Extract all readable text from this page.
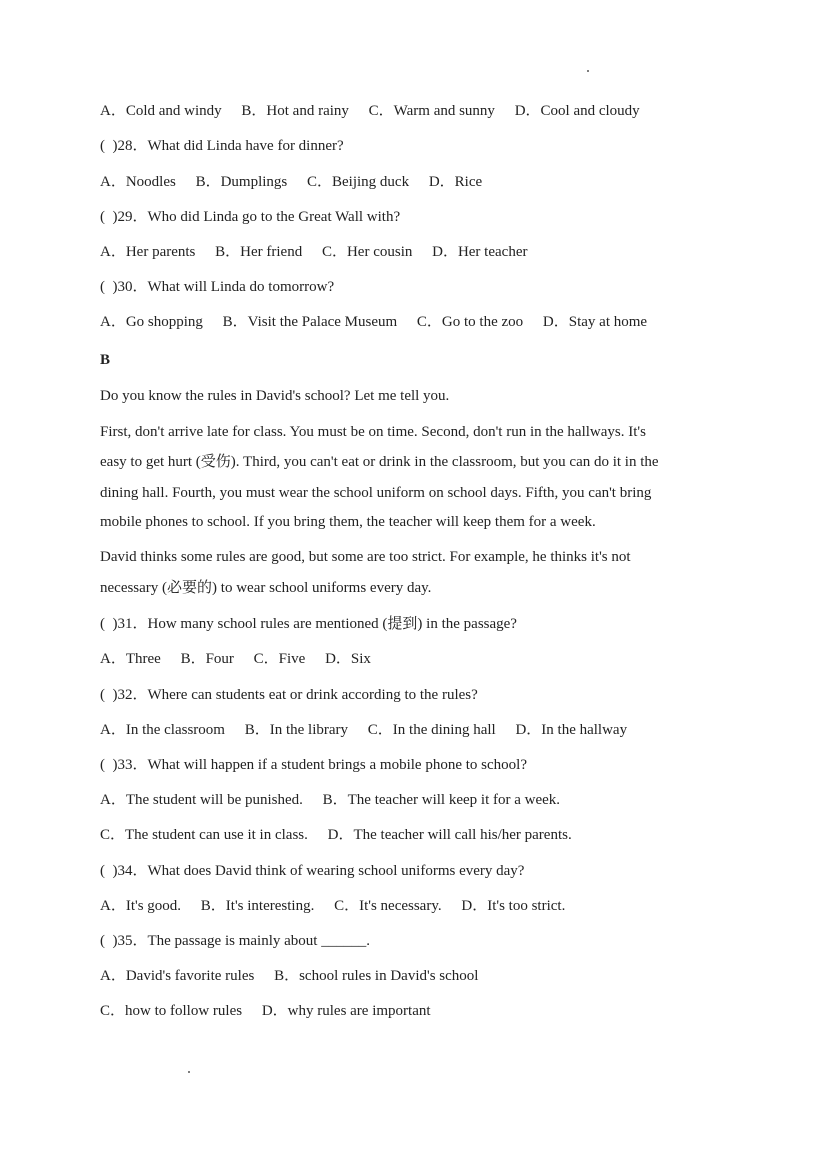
A．Cold and windy B．Hot and rainy C．Warm and sunny D．Cool and cloudy
(  )28．What did Linda have for dinner?
A．Noodles B．Dumplings C．Beijing duck D．Rice
(  )29．Who did Linda go to the Great Wall with?
A．Her parents B．Her friend C．Her cousin D．Her teacher
(  )30．What will Linda do tomorrow?
A．Go shopping B．Visit the Palace Museum C．Go to the zoo D．Stay at home
B
Do you know the rules in David's school? Let me tell you.
First, don't arrive late for class. You must be on time. Second, don't run in the hallways. It's
easy to get hurt (受伤). Third, you can't eat or drink in the classroom, but you can do it in the
dining hall. Fourth, you must wear the school uniform on school days. Fifth, you can't bring
mobile phones to school. If you bring them, the teacher will keep them for a week.
David thinks some rules are good, but some are too strict. For example, he thinks it's not
necessary (必要的) to wear school uniforms every day.
(  )31．How many school rules are mentioned (提到) in the passage?
A．Three B．Four C．Five D．Six
(  )32．Where can students eat or drink according to the rules?
A．In the classroom B．In the library C．In the dining hall D．In the hallway
(  )33．What will happen if a student brings a mobile phone to school?
A．The student will be punished. B．The teacher will keep it for a week.
C．The student can use it in class. D．The teacher will call his/her parents.
(  )34．What does David think of wearing school uniforms every day?
A．It's good. B．It's interesting. C．It's necessary. D．It's too strict.
(  )35．The passage is mainly about ______.
A．David's favorite rules B．school rules in David's school
C．how to follow rules D．why rules are important
